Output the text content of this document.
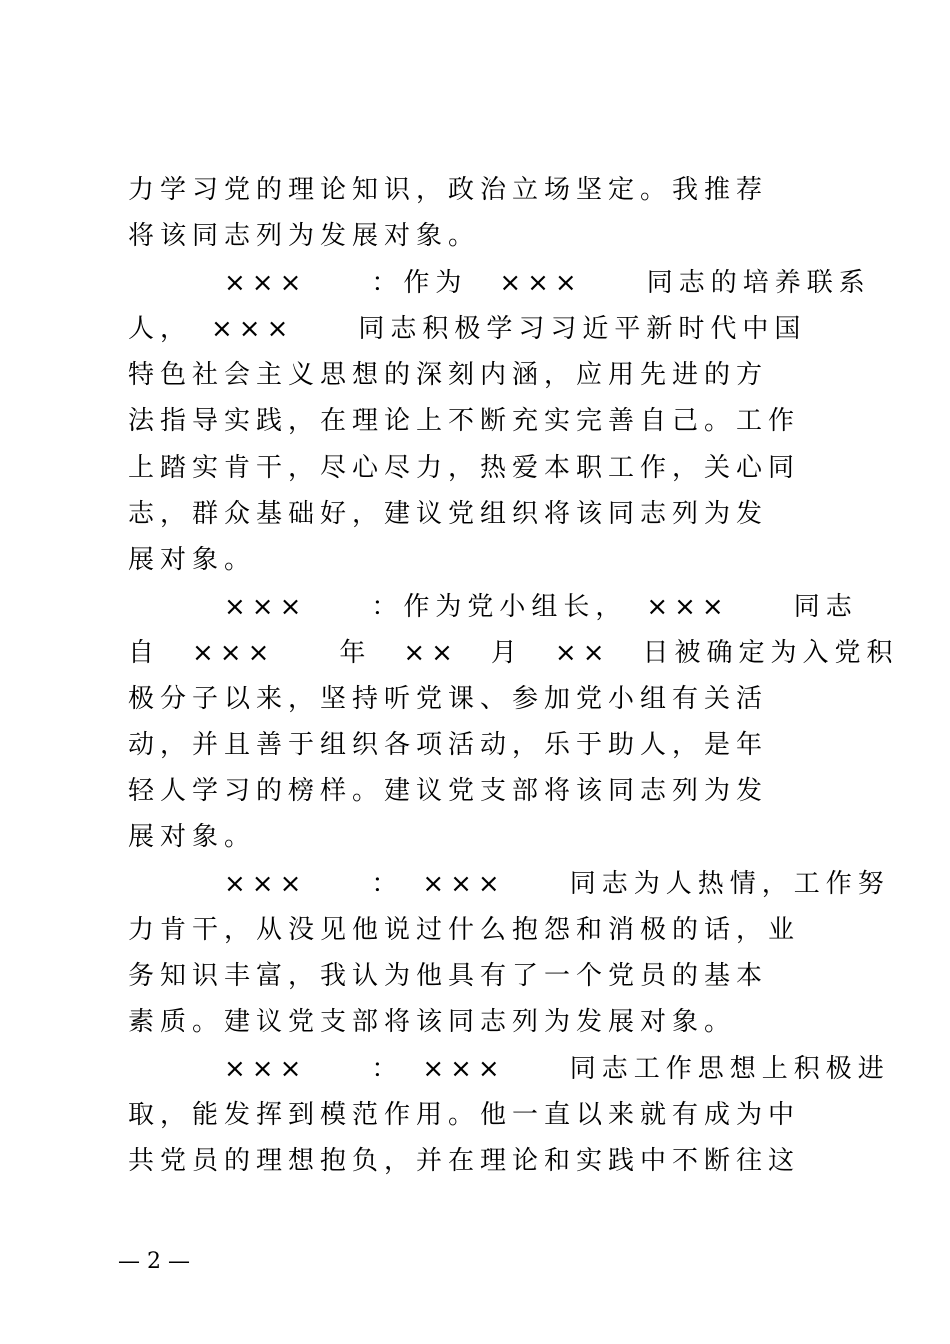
力学习党的理论知识，政治立场坚定。我推荐
将该同志列为发展对象。
　　　×××　　：作为　×××　　同志的培养联系
人，　×××　　同志积极学习习近平新时代中国
特色社会主义思想的深刻内涵，应用先进的方
法指导实践，在理论上不断充实完善自己。工作
上踏实肯干，尽心尽力，热爱本职工作，关心同
志，群众基础好，建议党组织将该同志列为发
展对象。
　　　×××　　：作为党小组长，　×××　　同志
自　×××　　年　××　月　××　日被确定为入党积
极分子以来，坚持听党课、参加党小组有关活
动，并且善于组织各项活动，乐于助人，是年
轻人学习的榜样。建议党支部将该同志列为发
展对象。
　　　×××　　：　×××　　同志为人热情，工作努
力肯干，从没见他说过什么抱怨和消极的话，业
务知识丰富，我认为他具有了一个党员的基本
素质。建议党支部将该同志列为发展对象。
　　　×××　　：　×××　　同志工作思想上积极进
取，能发挥到模范作用。他一直以来就有成为中
共党员的理想抱负，并在理论和实践中不断往这
— 2 —
